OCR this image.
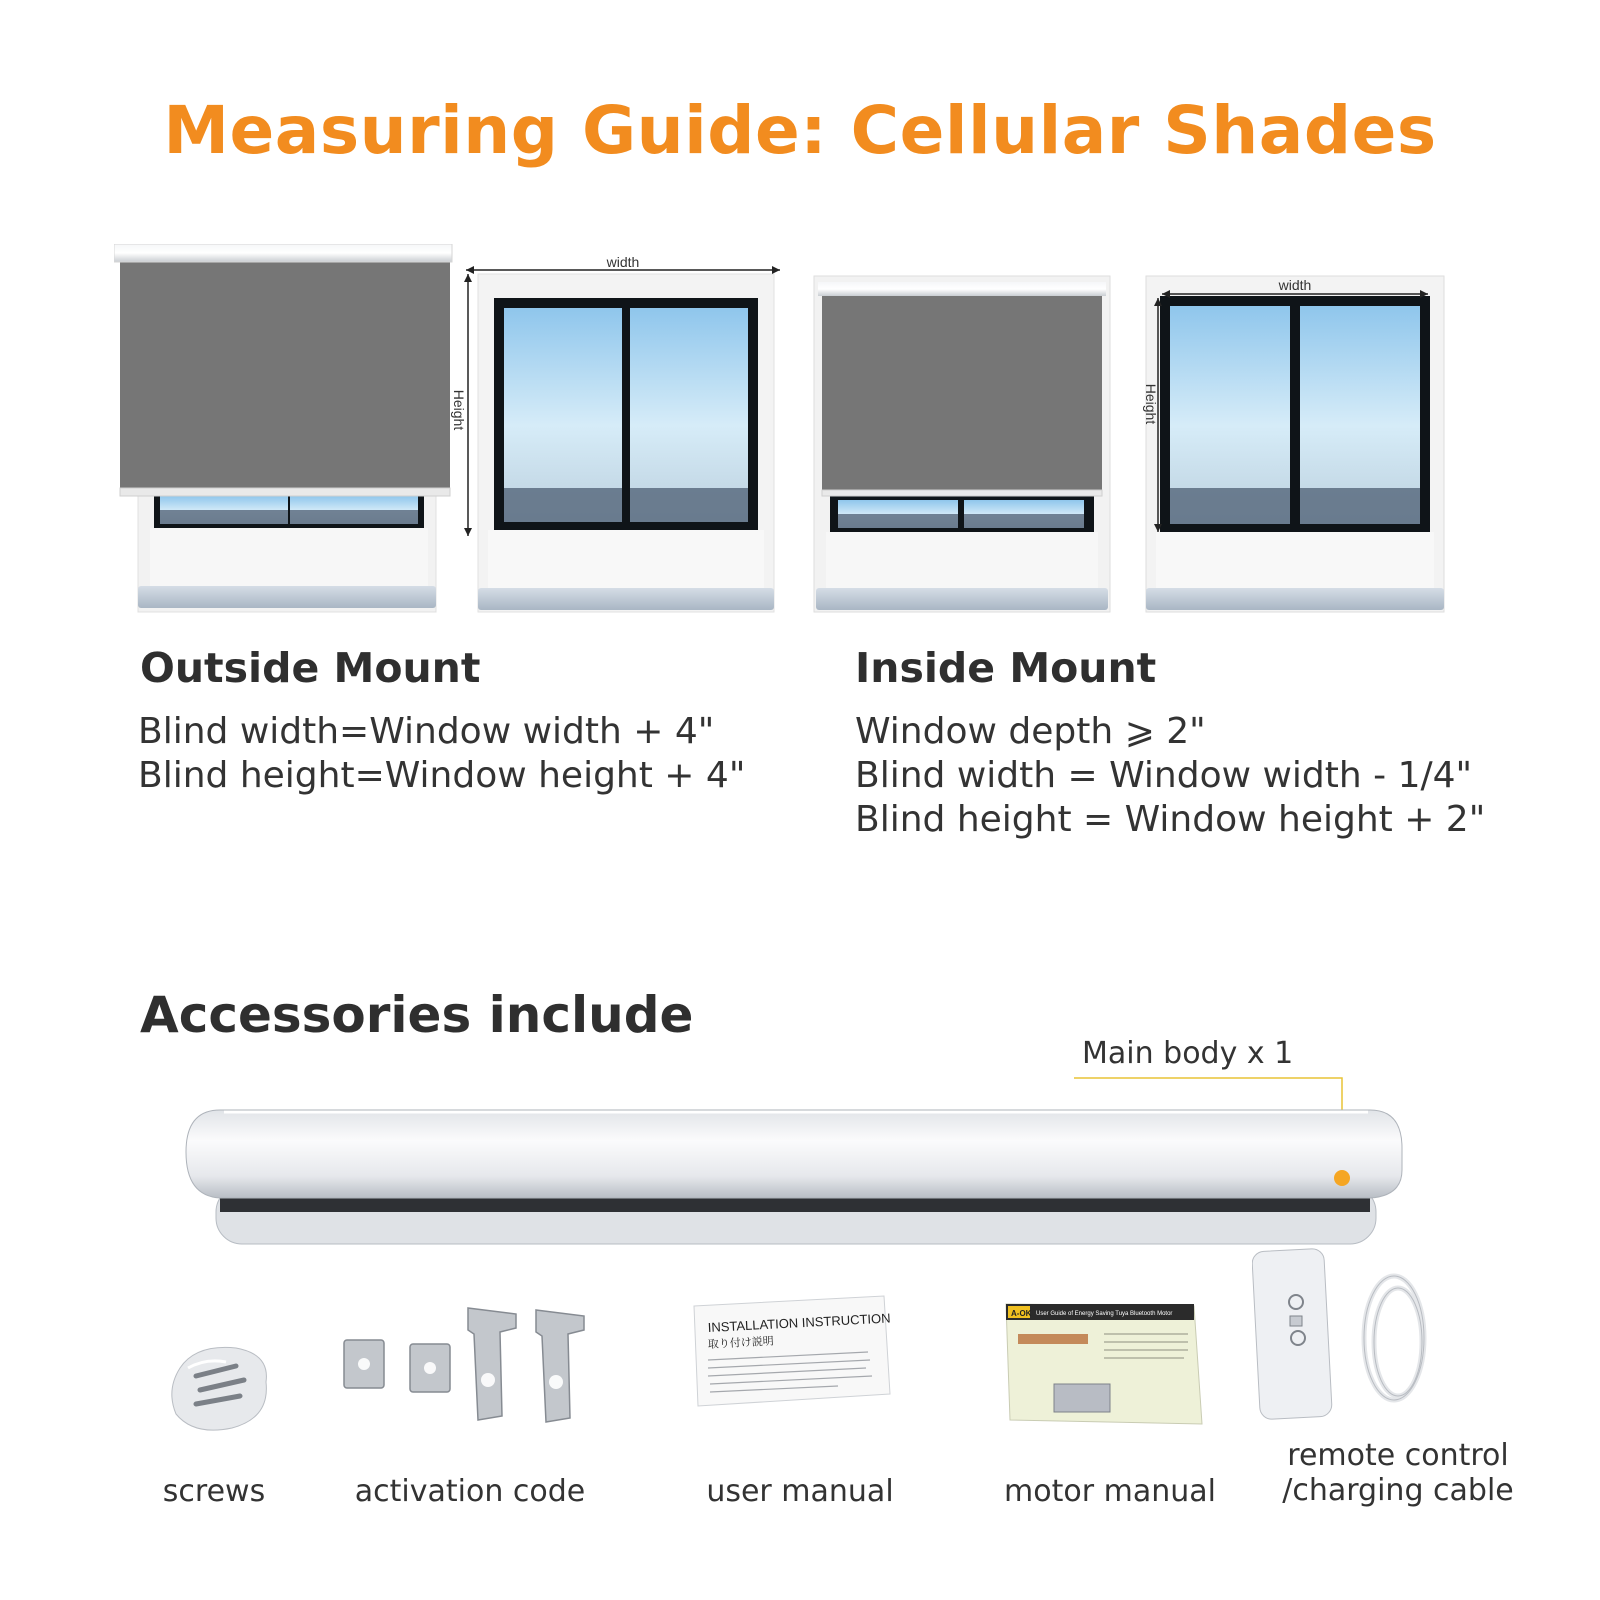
Measuring Guide: Cellular Shades
width
Height
width
Height
Outside Mount
Blind width=Window width + 4"
Blind height=Window height + 4"
Inside Mount
Window depth ⩾ 2"
Blind width = Window width - 1/4"
Blind height = Window height + 2"
Accessories include
Main body x 1
INSTALLATION INSTRUCTION
取り付け説明
A-OK User Guide of Energy Saving Tuya Bluetooth Motor
screws	activation code	user manual	motor manual
remote control
/charging cable
